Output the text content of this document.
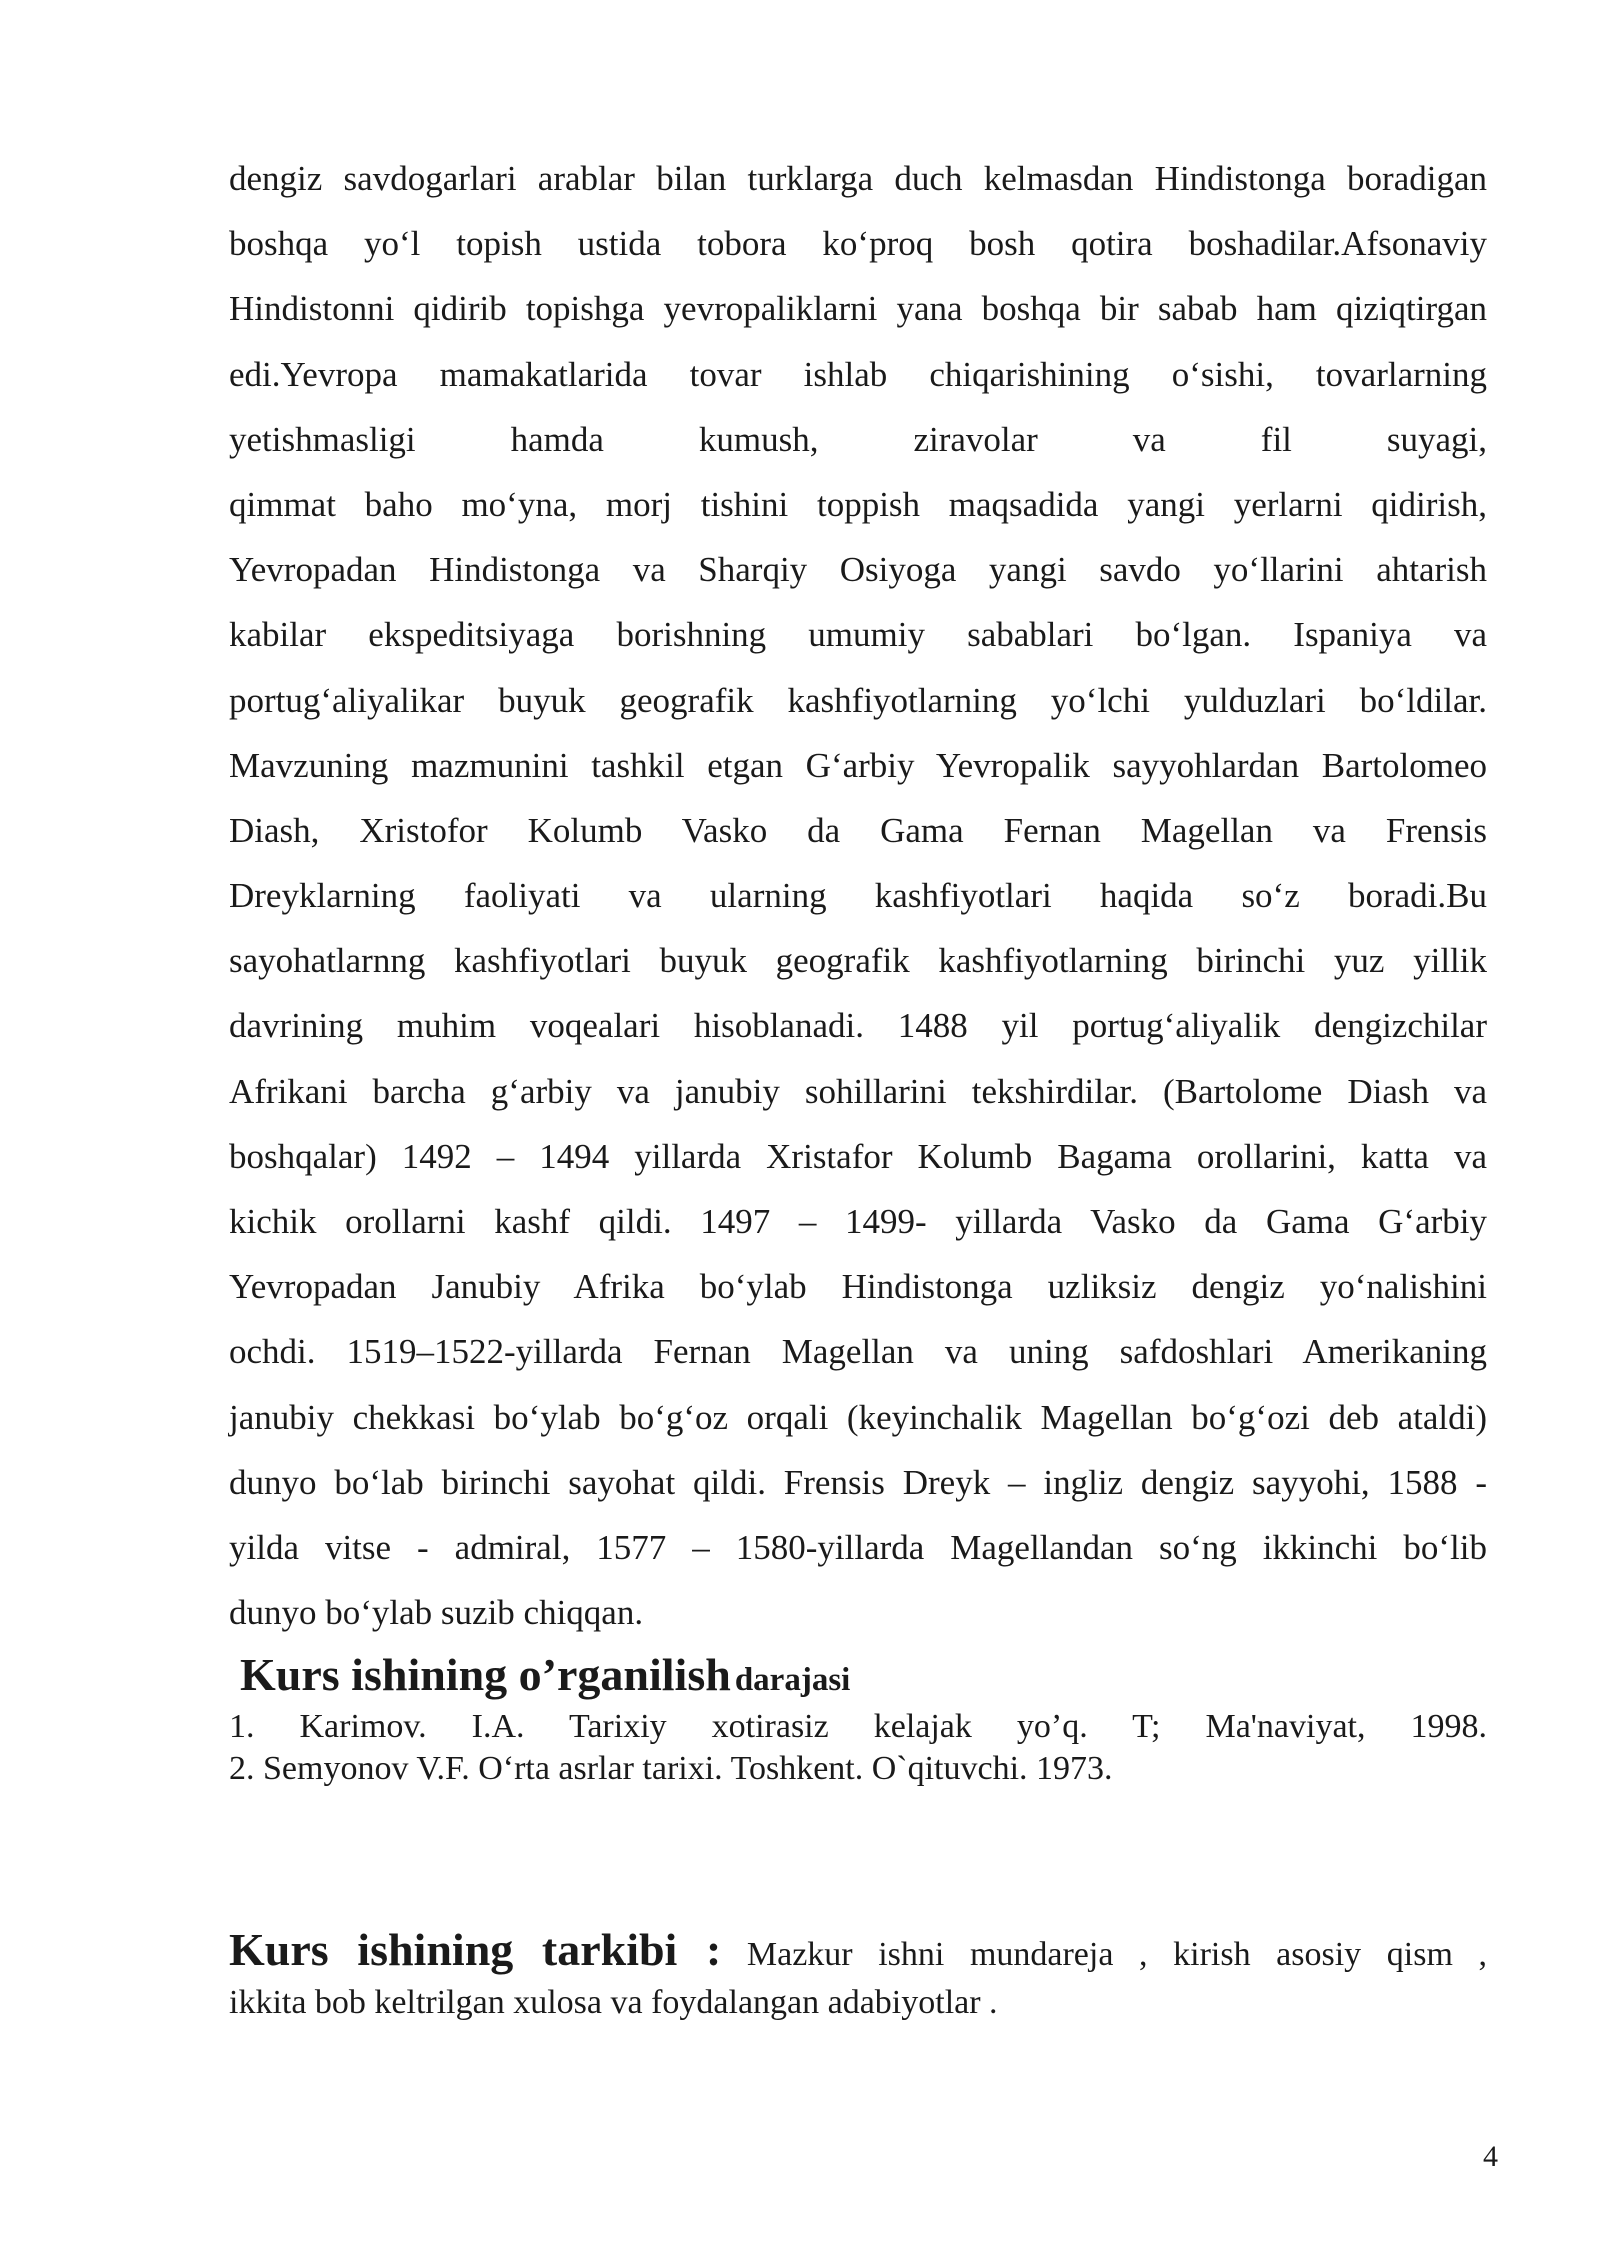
dengiz savdogarlari arablar bilan turklarga duch kelmasdan Hindistonga boradigan
boshqa yo‘l topish ustida tobora ko‘proq bosh qotira boshadilar.Afsonaviy
Hindistonni qidirib topishga yevropaliklarni yana boshqa bir sabab ham qiziqtirgan
edi.Yevropa mamakatlarida tovar ishlab chiqarishining o‘sishi, tovarlarning
yetishmasligi hamda kumush, ziravolar va fil suyagi,
qimmat baho mo‘yna, morj tishini toppish maqsadida yangi yerlarni qidirish,
Yevropadan Hindistonga va Sharqiy Osiyoga yangi savdo yo‘llarini ahtarish
kabilar ekspeditsiyaga borishning umumiy sabablari bo‘lgan. Ispaniya va
portug‘aliyalikar buyuk geografik kashfiyotlarning yo‘lchi yulduzlari bo‘ldilar.
Mavzuning mazmunini tashkil etgan G‘arbiy Yevropalik sayyohlardan Bartolomeo
Diash, Xristofor Kolumb Vasko da Gama Fernan Magellan va Frensis
Dreyklarning faoliyati va ularning kashfiyotlari haqida so‘z boradi.Bu
sayohatlarnng kashfiyotlari buyuk geografik kashfiyotlarning birinchi yuz yillik
davrining muhim voqealari hisoblanadi. 1488 yil portug‘aliyalik dengizchilar
Afrikani barcha g‘arbiy va janubiy sohillarini tekshirdilar. (Bartolome Diash va
boshqalar) 1492 – 1494 yillarda Xristafor Kolumb Bagama orollarini, katta va
kichik orollarni kashf qildi. 1497 – 1499- yillarda Vasko da Gama G‘arbiy
Yevropadan Janubiy Afrika bo‘ylab Hindistonga uzliksiz dengiz yo‘nalishini
ochdi. 1519–1522-yillarda Fernan Magellan va uning safdoshlari Amerikaning
janubiy chekkasi bo‘ylab bo‘g‘oz orqali (keyinchalik Magellan bo‘g‘ozi deb ataldi)
dunyo bo‘lab birinchi sayohat qildi. Frensis Dreyk – ingliz dengiz sayyohi, 1588 -
yilda vitse - admiral, 1577 – 1580-yillarda Magellandan so‘ng ikkinchi bo‘lib
dunyo bo‘ylab suzib chiqqan.
Kurs ishining o’rganilish darajasi
1. Karimov. I.A. Tarixiy xotirasiz kelajak yo’q. T; Ma'naviyat, 1998.
2. Semyonov V.F. O‘rta asrlar tarixi. Toshkent. O`qituvchi. 1973.
Kurs ishining tarkibi : Mazkur ishni mundareja , kirish asosiy qism ,
ikkita bob keltrilgan xulosa va foydalangan adabiyotlar .
4
